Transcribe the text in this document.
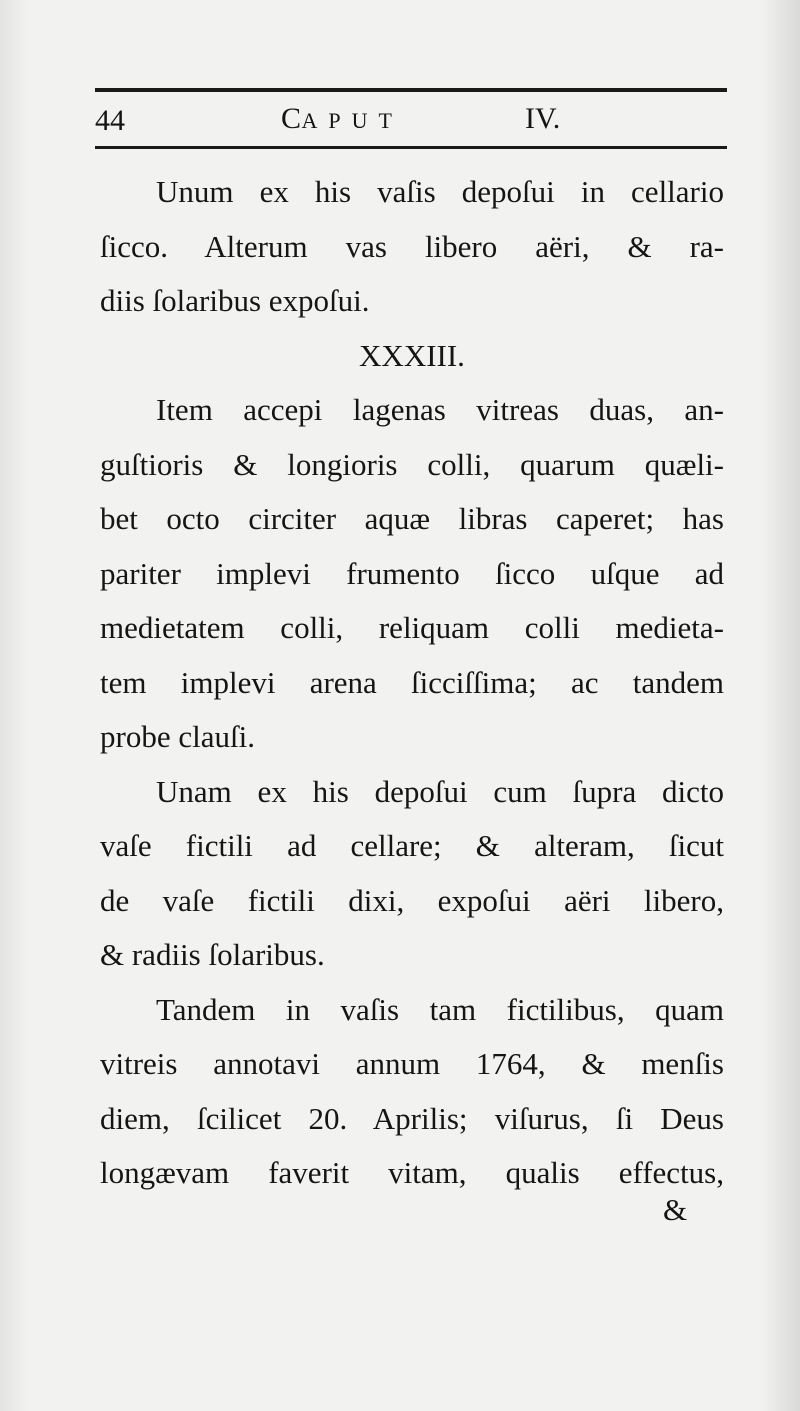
44	CAPUT	IV.
Unum ex his vaſis depoſui in cellario
ſicco. Alterum vas libero aëri, & ra-
diis ſolaribus expoſui.
XXXIII.
Item accepi lagenas vitreas duas, an-
guſtioris & longioris colli, quarum quæli-
bet octo circiter aquæ libras caperet; has
pariter implevi frumento ſicco uſque ad
medietatem colli, reliquam colli medieta-
tem implevi arena ſicciſſima; ac tandem
probe clauſi.
Unam ex his depoſui cum ſupra dicto
vaſe fictili ad cellare; & alteram, ſicut
de vaſe fictili dixi, expoſui aëri libero,
& radiis ſolaribus.
Tandem in vaſis tam fictilibus, quam
vitreis annotavi annum 1764, & menſis
diem, ſcilicet 20. Aprilis; viſurus, ſi Deus
longævam faverit vitam, qualis effectus,
&
